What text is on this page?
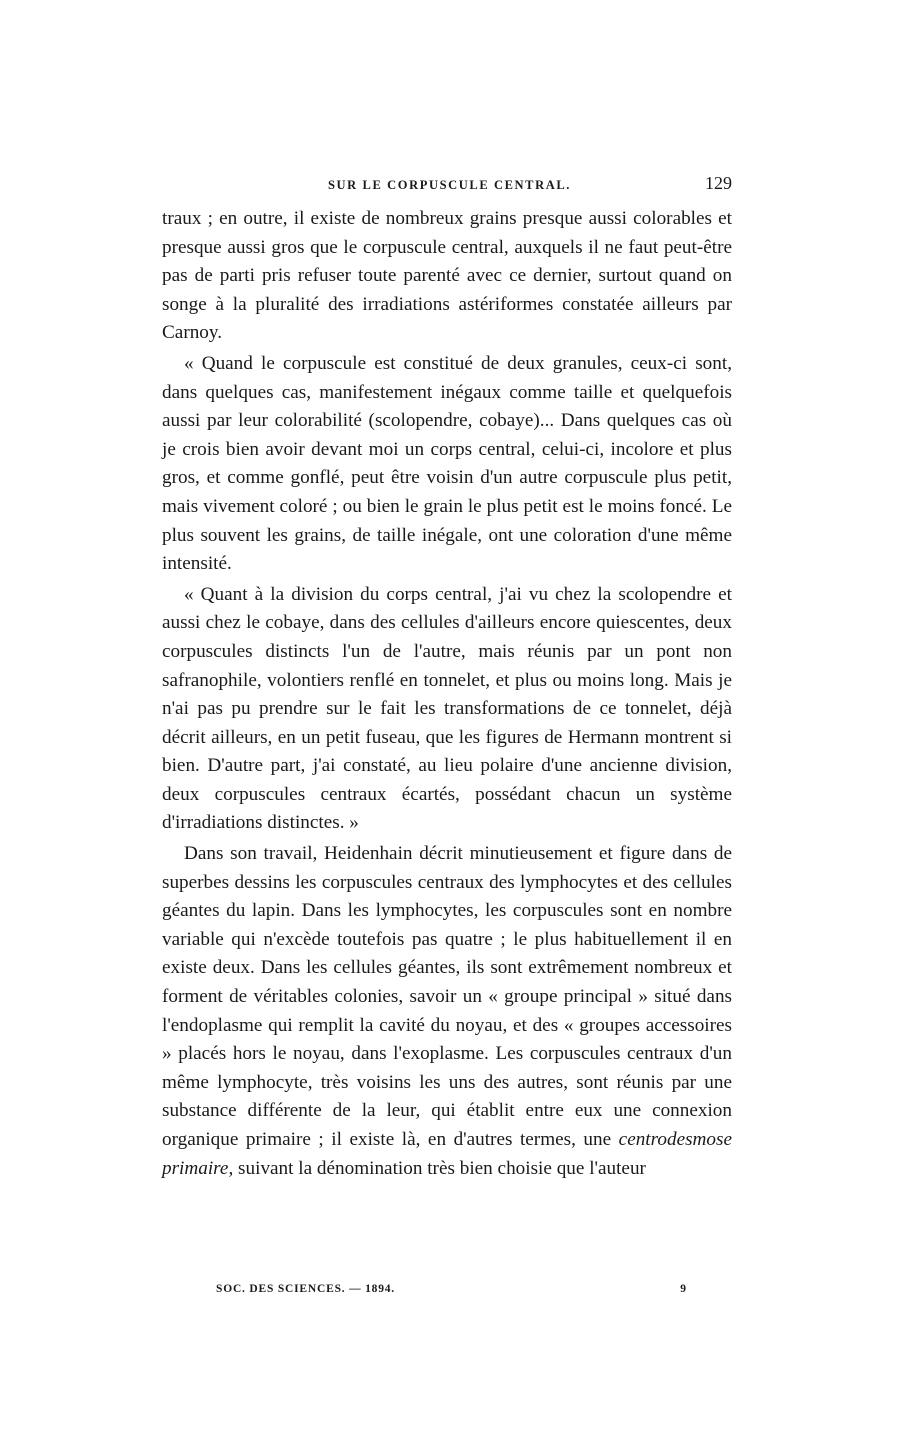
SUR LE CORPUSCULE CENTRAL.	129

traux ; en outre, il existe de nombreux grains presque aussi colorables et presque aussi gros que le corpuscule central, auxquels il ne faut peut-être pas de parti pris refuser toute parenté avec ce dernier, surtout quand on songe à la pluralité des irradiations astériformes constatée ailleurs par Carnoy.

« Quand le corpuscule est constitué de deux granules, ceux-ci sont, dans quelques cas, manifestement inégaux comme taille et quelquefois aussi par leur colorabilité (scolopendre, cobaye)... Dans quelques cas où je crois bien avoir devant moi un corps central, celui-ci, incolore et plus gros, et comme gonflé, peut être voisin d'un autre corpuscule plus petit, mais vivement coloré ; ou bien le grain le plus petit est le moins foncé. Le plus souvent les grains, de taille inégale, ont une coloration d'une même intensité.

« Quant à la division du corps central, j'ai vu chez la scolopendre et aussi chez le cobaye, dans des cellules d'ailleurs encore quiescentes, deux corpuscules distincts l'un de l'autre, mais réunis par un pont non safranophile, volontiers renflé en tonnelet, et plus ou moins long. Mais je n'ai pas pu prendre sur le fait les transformations de ce tonnelet, déjà décrit ailleurs, en un petit fuseau, que les figures de Hermann montrent si bien. D'autre part, j'ai constaté, au lieu polaire d'une ancienne division, deux corpuscules centraux écartés, possédant chacun un système d'irradiations distinctes. »

Dans son travail, Heidenhain décrit minutieusement et figure dans de superbes dessins les corpuscules centraux des lymphocytes et des cellules géantes du lapin. Dans les lymphocytes, les corpuscules sont en nombre variable qui n'excède toutefois pas quatre ; le plus habituellement il en existe deux. Dans les cellules géantes, ils sont extrêmement nombreux et forment de véritables colonies, savoir un « groupe principal » situé dans l'endoplasme qui remplit la cavité du noyau, et des « groupes accessoires » placés hors le noyau, dans l'exoplasme. Les corpuscules centraux d'un même lymphocyte, très voisins les uns des autres, sont réunis par une substance différente de la leur, qui établit entre eux une connexion organique primaire ; il existe là, en d'autres termes, une centrodesmose primaire, suivant la dénomination très bien choisie que l'auteur

SOC. DES SCIENCES. — 1894.	9
